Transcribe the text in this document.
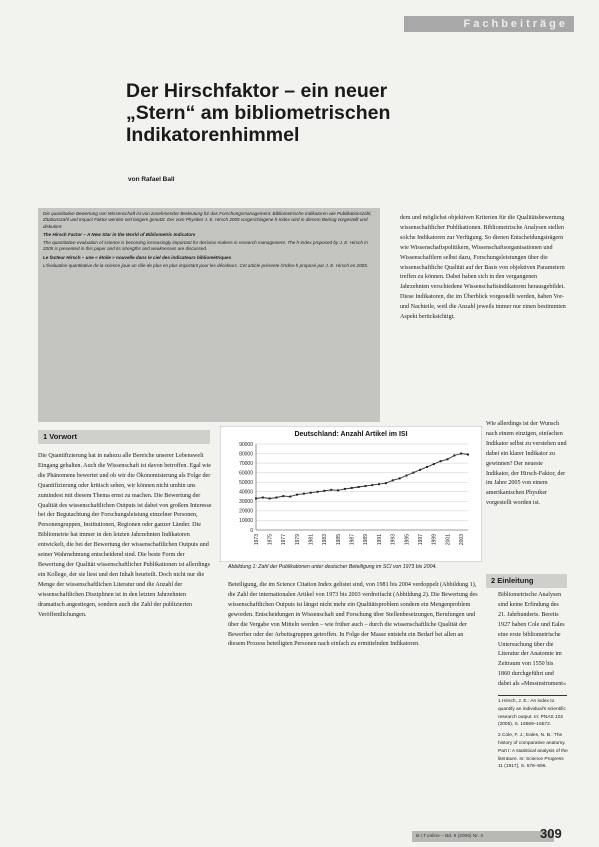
Fachbeiträge
Der Hirschfaktor – ein neuer
„Stern“ am bibliometrischen
Indikatorenhimmel
von Rafael Ball

Die quantitative Bewertung von Wissenschaft ist von zunehmender Bedeutung für das Forschungsmanagement. Bibliometrische Indikatoren wie Publikationszahl, Zitationszahl und Impact Faktor werden seit langem genutzt. Der vom Physiker J. E. Hirsch 2005 vorgeschlagene h-Index wird in diesem Beitrag vorgestellt und diskutiert.

The Hirsch Factor – A New Star in the World of Bibliometric Indicators

The quantitative evaluation of science is becoming increasingly important for decision makers in research management. The h-index proposed by J. E. Hirsch in 2005 is presented in this paper and its strengths and weaknesses are discussed.

Le facteur Hirsch – une « étoile » nouvelle dans le ciel des indicateurs bibliométriques

L'évaluation quantitative de la science joue un rôle de plus en plus important pour les décideurs. Cet article présente l'indice h proposé par J. E. Hirsch en 2005.

dem und möglichst objektiven Kriterien für die Qualitätsbewertung wissenschaftlicher Publikationen. Bibliometrische Analysen stellen solche Indikatoren zur Verfügung. So dienen Entscheidungsträgern wie Wissenschaftspolitikern, Wissenschaftsorganisationen und Wissenschaftlern selbst dazu, Forschungsleistungen über die wissenschaftliche Qualität auf der Basis von objektiven Parametern treffen zu können. Dabei haben sich in den vergangenen Jahrzehnten verschiedene Wissenschaftsindikatoren herausgebildet. Diese Indikatoren, die im Überblick vorgestellt werden, haben Vor- und Nachteile, weil die Anzahl jeweils immer nur einen bestimmten Aspekt berücksichtigt.

Wie allerdings ist der Wunsch nach einem einzigen, einfachen Indikator selbst zu verstehen und dabei ein klarer Indikator zu gewinnen? Der neueste Indikator, der Hirsch-Faktor, der im Jahre 2005 von einem amerikanischen Physiker vorgestellt worden ist.

1 Vorwort

Die Quantifizierung hat in nahezu alle Bereiche unserer Lebenswelt Eingang gehalten. Auch die Wissenschaft ist davon betroffen. Egal wie die Phänomene bewertet und ob wir die Ökonomisierung als Folge der Quantifizierung oder kritisch sehen, wir können nicht umhin uns zumindest mit diesem Thema ernst zu machen. Die Bewertung der Qualität des wissenschaftlichen Outputs ist dabei von großem Interesse bei der Begutachtung der Forschungsleistung einzelner Personen, Personengruppen, Institutionen, Regionen oder ganzer Länder. Die Bibliometrie hat immer in den letzten Jahrzehnten Indikatoren entwickelt, die bei der Bewertung der wissenschaftlichen Outputs und seiner Wahrnehmung entscheidend sind. Die beste Form der Bewertung der Qualität wissenschaftlicher Publikationen ist allerdings ein Kollege, der sie liest und den Inhalt beurteilt. Doch nicht nur die Menge der wissenschaftlichen Literatur und die Anzahl der wissenschaftlichen Disziplinen ist in den letzten Jahrzehnten dramatisch angestiegen, sondern auch die Zahl der publizierten Veröffentlichungen.

Deutschland: Anzahl Artikel im ISI
0
10000
20000
30000
40000
50000
60000
70000
80000
90000
1973 1975 1977 1979 1981 1983 1985 1987 1989 1991 1993 1995 1997 1999 2001 2003
Abbildung 1: Zahl der Publikationen unter deutscher Beteiligung im SCI von 1973 bis 2004.

Beteiligung, die im Science Citation Index gelistet sind, von 1981 bis 2004 verdoppelt (Abbildung 1), die Zahl der internationalen Artikel von 1973 bis 2003 verdreifacht (Abbildung 2). Die Bewertung des wissenschaftlichen Outputs ist längst nicht mehr ein Qualitätsproblem sondern ein Mengenproblem geworden. Entscheidungen in Wissenschaft und Forschung über Stellenbesetzungen, Berufungen und über die Vergabe von Mitteln werden – wie früher auch – durch die wissenschaftliche Qualität der Bewerber oder der Arbeitsgruppen getroffen. In Folge der Masse entsteht ein Bedarf bei allen an diesem Prozess beteiligten Personen nach einfach zu ermittelnden Indikatoren.

2 Einleitung

Bibliometrische Analysen sind keine Erfindung des 21. Jahrhunderts. Bereits 1927 haben Cole und Eales eine erste bibliometrische Untersuchung über die Literatur der Anatomie im Zeitraum von 1550 bis 1860 durchgeführt und dabei als »Messinstrument«

1 Hirsch, J. E.: An index to quantify an individual's scientific research output. In: PNAS 102 (2005), S. 16569–16572.
2 Cole, F. J.; Eales, N. B.: The history of comparative anatomy. Part I: A statistical analysis of the literature. In: Science Progress 11 (1917), S. 578–596.
B.I.T.online – Bd. 9 (2006) Nr. 4	309
